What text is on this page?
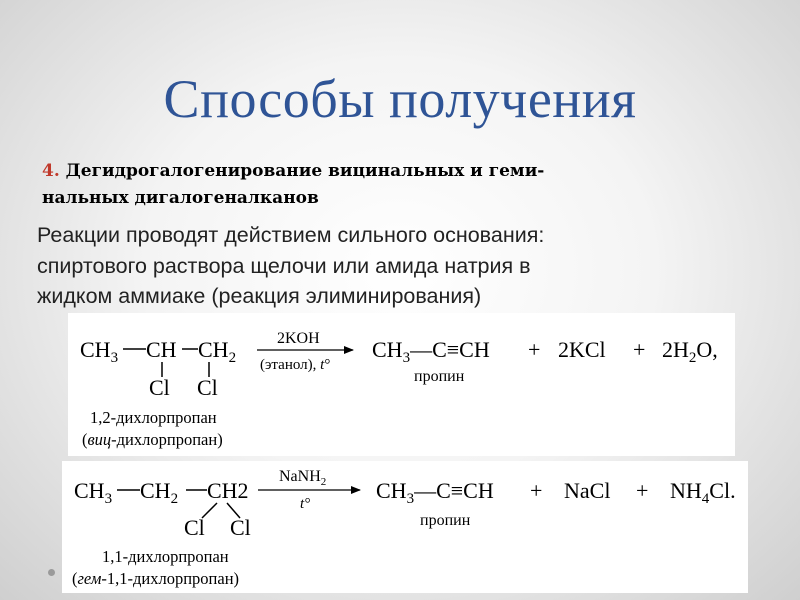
Способы получения
4. Дегидрогалогенирование вицинальных и геми-
нальных дигалогеналканов
Реакции проводят действием сильного основания:
спиртового раствора щелочи или амида натрия в
жидком аммиаке (реакция элиминирования)
$CH_3$ CH $CH_2$
Cl Cl
2KOH
(этанол), t°
$CH_3—C\equiv CH$
пропин
+ $2KCl + 2H_2O$,
1,2-дихлорпропан
(виц-дихлорпропан)
$CH_3$ $CH_2$ CH2
Cl Cl
NaNH$_2$
t°
$CH_3—C\equiv CH$
пропин
+ NaCl + $NH_4Cl$.
1,1-дихлорпропан
(гем-1,1-дихлорпропан)
